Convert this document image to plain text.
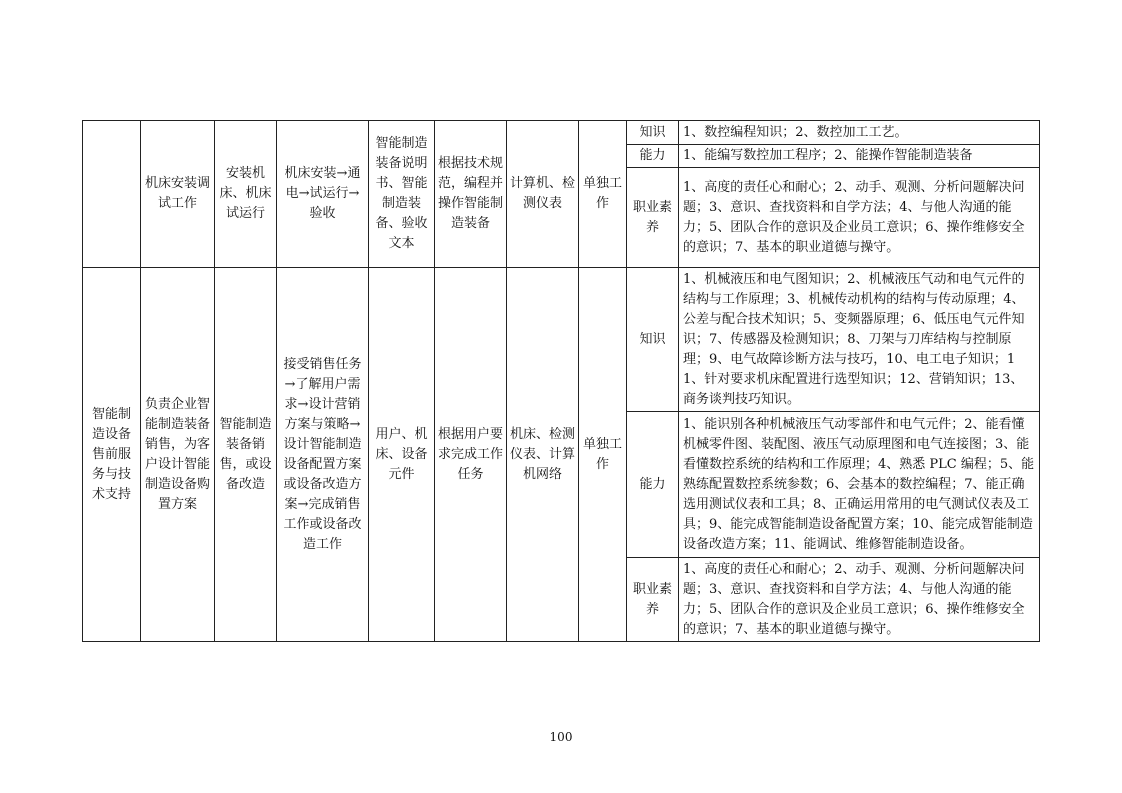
	机床安装调试工作	安装机床、机床试运行	机床安装→通电→试运行→验收	智能制造装备说明书、智能制造装备、验收文本	根据技术规范，编程并操作智能制造装备	计算机、检测仪表	单独工作	知识	1、数控编程知识；2、数控加工工艺。
								能力	1、能编写数控加工程序；2、能操作智能制造装备
								职业素养	1、高度的责任心和耐心；2、动手、观测、分析问题解决问题；3、意识、查找资料和自学方法；4、与他人沟通的能力；5、团队合作的意识及企业员工意识；6、操作维修安全的意识；7、基本的职业道德与操守。
智能制造设备售前服务与技术支持	负责企业智能制造装备销售，为客户设计智能制造设备购置方案	智能制造装备销售，或设备改造	接受销售任务→了解用户需求→设计营销方案与策略→设计智能制造设备配置方案或设备改造方案→完成销售工作或设备改造工作	用户、机床、设备元件	根据用户要求完成工作任务	机床、检测仪表、计算机网络	单独工作	知识	1、机械液压和电气图知识；2、机械液压气动和电气元件的结构与工作原理；3、机械传动机构的结构与传动原理；4、公差与配合技术知识；5、变频器原理；6、低压电气元件知识；7、传感器及检测知识；8、刀架与刀库结构与控制原理；9、电气故障诊断方法与技巧，10、电工电子知识；11、针对要求机床配置进行选型知识；12、营销知识；13、商务谈判技巧知识。
								能力	1、能识别各种机械液压气动零部件和电气元件；2、能看懂机械零件图、装配图、液压气动原理图和电气连接图；3、能看懂数控系统的结构和工作原理；4、熟悉 PLC 编程；5、能熟练配置数控系统参数；6、会基本的数控编程；7、能正确选用测试仪表和工具；8、正确运用常用的电气测试仪表及工具；9、能完成智能制造设备配置方案；10、能完成智能制造设备改造方案；11、能调试、维修智能制造设备。
								职业素养	1、高度的责任心和耐心；2、动手、观测、分析问题解决问题；3、意识、查找资料和自学方法；4、与他人沟通的能力；5、团队合作的意识及企业员工意识；6、操作维修安全的意识；7、基本的职业道德与操守。
100
